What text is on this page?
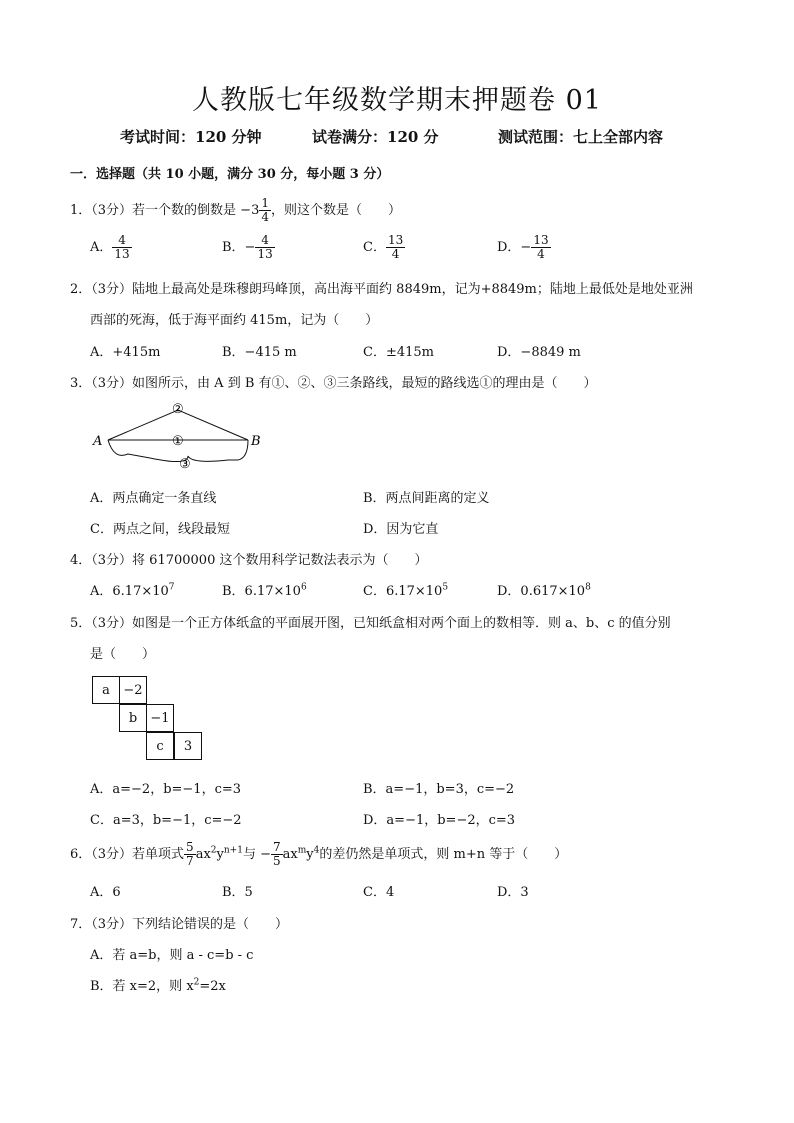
人教版七年级数学期末押题卷 01
考试时间：120 分钟	试卷满分：120 分	测试范围：七上全部内容
一．选择题（共 10 小题，满分 30 分，每小题 3 分）
1．（3分）若一个数的倒数是 $-3 \frac{1}{4}$ ，则这个数是（　　）
A． $\frac{4}{13}$	B．− $\frac{4}{13}$	C． $\frac{13}{4}$	D．− $\frac{13}{4}$
2．（3分）陆地上最高处是珠穆朗玛峰顶，高出海平面约 8849m，记为+8849m；陆地上最低处是地处亚洲
西部的死海，低于海平面约 415m，记为（　　）
A．+415m	B．−415 m	C．±415m	D．−8849 m
3．（3分）如图所示，由 A 到 B 有①、②、③三条路线，最短的路线选①的理由是（　　）
A	B
①
②
③
A．两点确定一条直线	B．两点间距离的定义
C．两点之间，线段最短	D．因为它直
4．（3分）将 61700000 这个数用科学记数法表示为（　　）
A．$6.17\times 10^7$	B．$6.17\times 10^6$	C．$6.17\times 10^5$	D．$0.617\times 10^8$
5．（3分）如图是一个正方体纸盒的平面展开图，已知纸盒相对两个面上的数相等．则 a、b、c 的值分别
是（　　）
a	−2
b	−1
c	3
A．a=−2，b=−1，c=3	B．a=−1，b=3，c=−2
C．a=3，b=−1，c=−2	D．a=−1，b=−2，c=3
6．（3分）若单项式 $\frac{5}{7} ax^2y^{n+1}$与 − $\frac{7}{5} ax^my^4$的差仍然是单项式，则 m+n 等于（　　）
A．6	B．5	C．4	D．3
7．（3分）下列结论错误的是（　　）
A．若 a=b，则 a - c=b - c
B．若 x=2，则 $x^2=2x$
